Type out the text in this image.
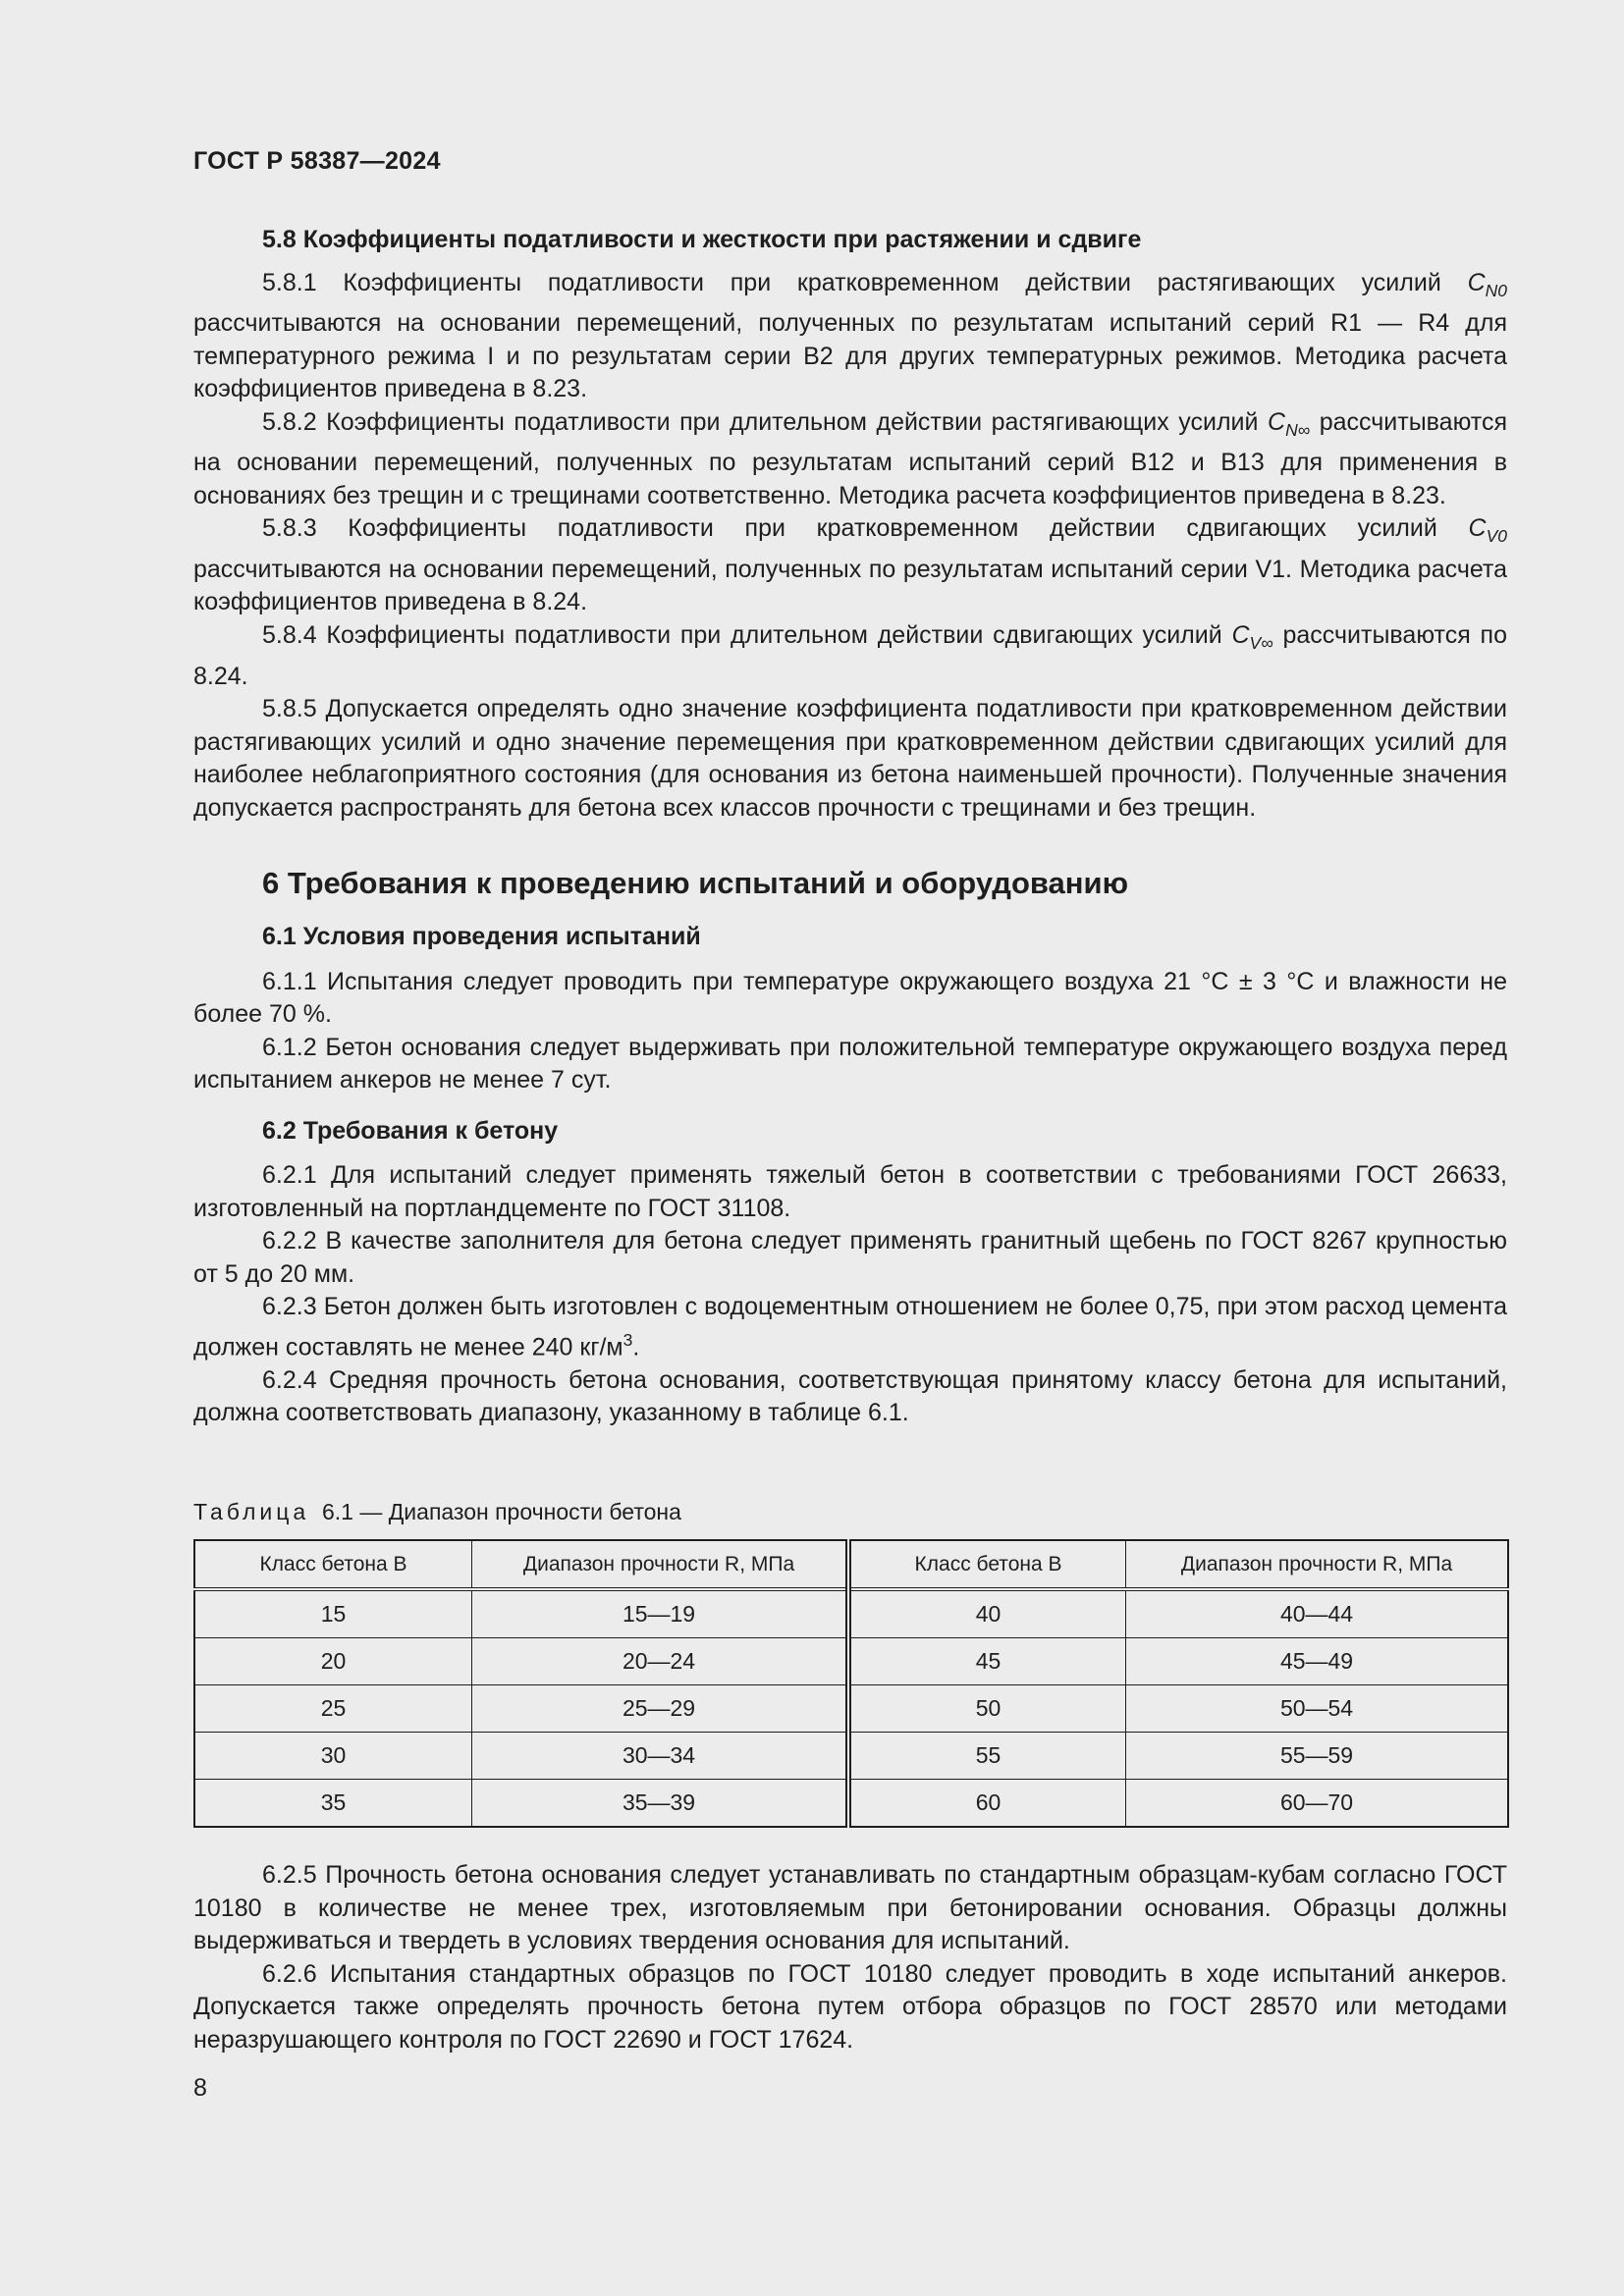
ГОСТ Р 58387—2024
5.8 Коэффициенты податливости и жесткости при растяжении и сдвиге

5.8.1 Коэффициенты податливости при кратковременном действии растягивающих усилий $C_{N0}$ рассчитываются на основании перемещений, полученных по результатам испытаний серий R1 — R4 для температурного режима I и по результатам серии B2 для других температурных режимов. Методика расчета коэффициентов приведена в 8.23.

5.8.2 Коэффициенты податливости при длительном действии растягивающих усилий $C_{N\infty}$ рассчитываются на основании перемещений, полученных по результатам испытаний серий B12 и B13 для применения в основаниях без трещин и с трещинами соответственно. Методика расчета коэффициентов приведена в 8.23.

5.8.3 Коэффициенты податливости при кратковременном действии сдвигающих усилий $C_{V0}$ рассчитываются на основании перемещений, полученных по результатам испытаний серии V1. Методика расчета коэффициентов приведена в 8.24.

5.8.4 Коэффициенты податливости при длительном действии сдвигающих усилий $C_{V\infty}$ рассчитываются по 8.24.

5.8.5 Допускается определять одно значение коэффициента податливости при кратковременном действии растягивающих усилий и одно значение перемещения при кратковременном действии сдвигающих усилий для наиболее неблагоприятного состояния (для основания из бетона наименьшей прочности). Полученные значения допускается распространять для бетона всех классов прочности с трещинами и без трещин.

6 Требования к проведению испытаний и оборудованию
6.1 Условия проведения испытаний

6.1.1 Испытания следует проводить при температуре окружающего воздуха 21 °C ± 3 °C и влажности не более 70 %.

6.1.2 Бетон основания следует выдерживать при положительной температуре окружающего воздуха перед испытанием анкеров не менее 7 сут.

6.2 Требования к бетону

6.2.1 Для испытаний следует применять тяжелый бетон в соответствии с требованиями ГОСТ 26633, изготовленный на портландцементе по ГОСТ 31108.

6.2.2 В качестве заполнителя для бетона следует применять гранитный щебень по ГОСТ 8267 крупностью от 5 до 20 мм.

6.2.3 Бетон должен быть изготовлен с водоцементным отношением не более 0,75, при этом расход цемента должен составлять не менее 240 $кг/м^3$.

6.2.4 Средняя прочность бетона основания, соответствующая принятому классу бетона для испытаний, должна соответствовать диапазону, указанному в таблице 6.1.

Таблица 6.1 — Диапазон прочности бетона
Класс бетона B	Диапазон прочности R, МПа	Класс бетона B	Диапазон прочности R, МПа
15	15—19	40	40—44
20	20—24	45	45—49
25	25—29	50	50—54
30	30—34	55	55—59
35	35—39	60	60—70

6.2.5 Прочность бетона основания следует устанавливать по стандартным образцам-кубам согласно ГОСТ 10180 в количестве не менее трех, изготовляемым при бетонировании основания. Образцы должны выдерживаться и твердеть в условиях твердения основания для испытаний.

6.2.6 Испытания стандартных образцов по ГОСТ 10180 следует проводить в ходе испытаний анкеров. Допускается также определять прочность бетона путем отбора образцов по ГОСТ 28570 или методами неразрушающего контроля по ГОСТ 22690 и ГОСТ 17624.

8
